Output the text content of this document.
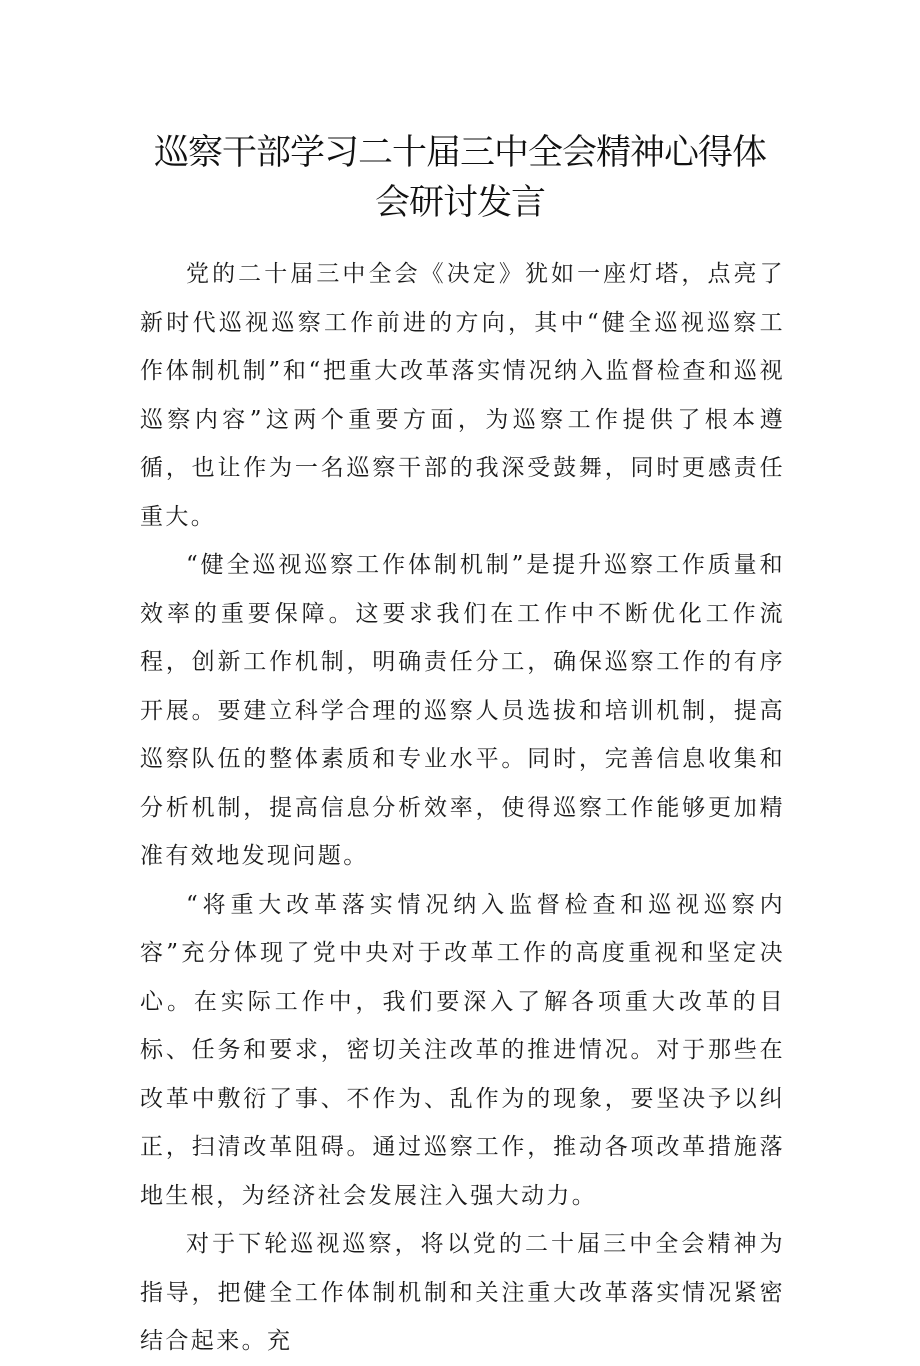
巡察干部学习二十届三中全会精神心得体
会研讨发言

党的二十届三中全会《决定》犹如一座灯塔，点亮了新时代巡视巡察工作前进的方向，其中“健全巡视巡察工作体制机制”和“把重大改革落实情况纳入监督检查和巡视巡察内容”这两个重要方面，为巡察工作提供了根本遵循，也让作为一名巡察干部的我深受鼓舞，同时更感责任重大。

“健全巡视巡察工作体制机制”是提升巡察工作质量和效率的重要保障。这要求我们在工作中不断优化工作流程，创新工作机制，明确责任分工，确保巡察工作的有序开展。要建立科学合理的巡察人员选拔和培训机制，提高巡察队伍的整体素质和专业水平。同时，完善信息收集和分析机制，提高信息分析效率，使得巡察工作能够更加精准有效地发现问题。

“将重大改革落实情况纳入监督检查和巡视巡察内容”充分体现了党中央对于改革工作的高度重视和坚定决心。在实际工作中，我们要深入了解各项重大改革的目标、任务和要求，密切关注改革的推进情况。对于那些在改革中敷衍了事、不作为、乱作为的现象，要坚决予以纠正，扫清改革阻碍。通过巡察工作，推动各项改革措施落地生根，为经济社会发展注入强大动力。

对于下轮巡视巡察，将以党的二十届三中全会精神为指导，把健全工作体制机制和关注重大改革落实情况紧密结合起来。充
